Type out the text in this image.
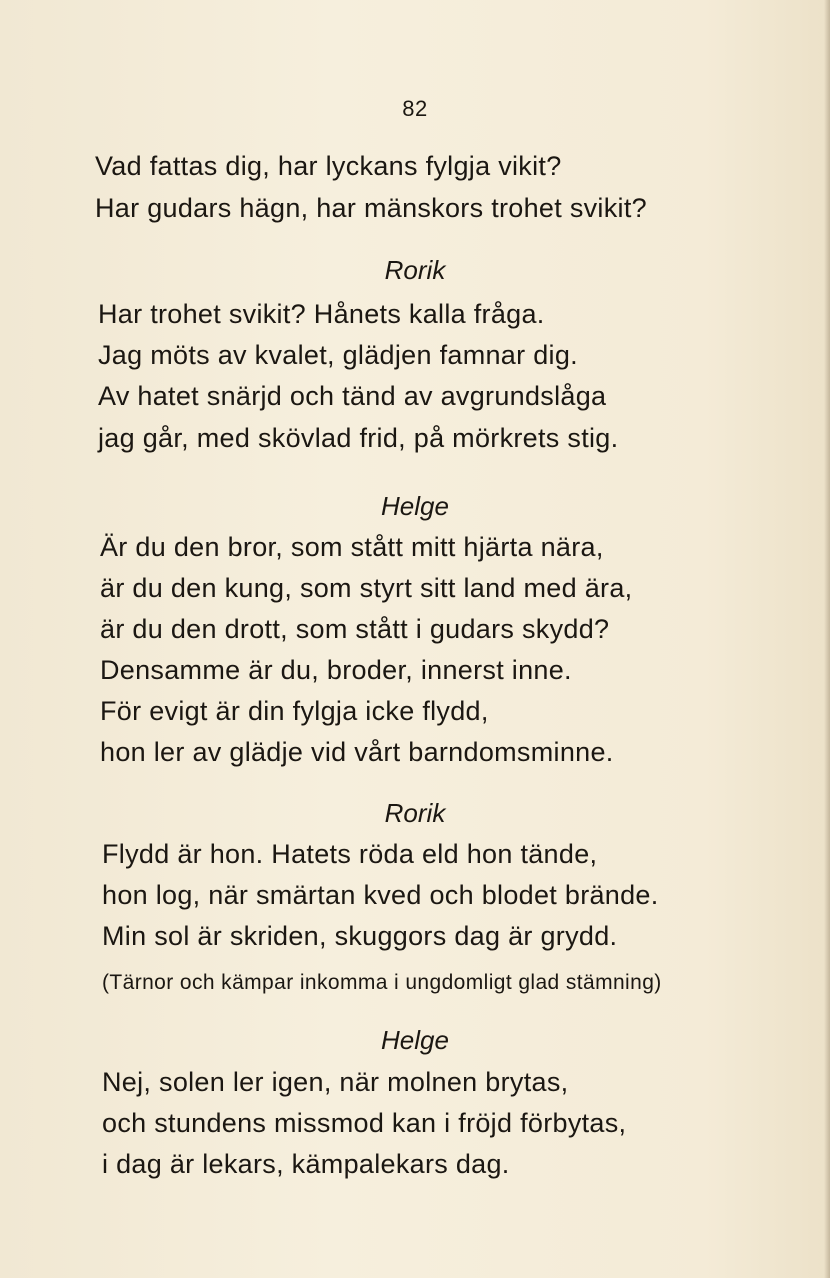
82
Vad fattas dig, har lyckans fylgja vikit?
Har gudars hägn, har mänskors trohet svikit?
Rorik
Har trohet svikit? Hånets kalla fråga.
Jag möts av kvalet, glädjen famnar dig.
Av hatet snärjd och tänd av avgrundslåga
jag går, med skövlad frid, på mörkrets stig.
Helge
Är du den bror, som stått mitt hjärta nära,
är du den kung, som styrt sitt land med ära,
är du den drott, som stått i gudars skydd?
Densamme är du, broder, innerst inne.
För evigt är din fylgja icke flydd,
hon ler av glädje vid vårt barndomsminne.
Rorik
Flydd är hon. Hatets röda eld hon tände,
hon log, när smärtan kved och blodet brände.
Min sol är skriden, skuggors dag är grydd.
(Tärnor och kämpar inkomma i ungdomligt glad stämning)
Helge
Nej, solen ler igen, när molnen brytas,
och stundens missmod kan i fröjd förbytas,
i dag är lekars, kämpalekars dag.
